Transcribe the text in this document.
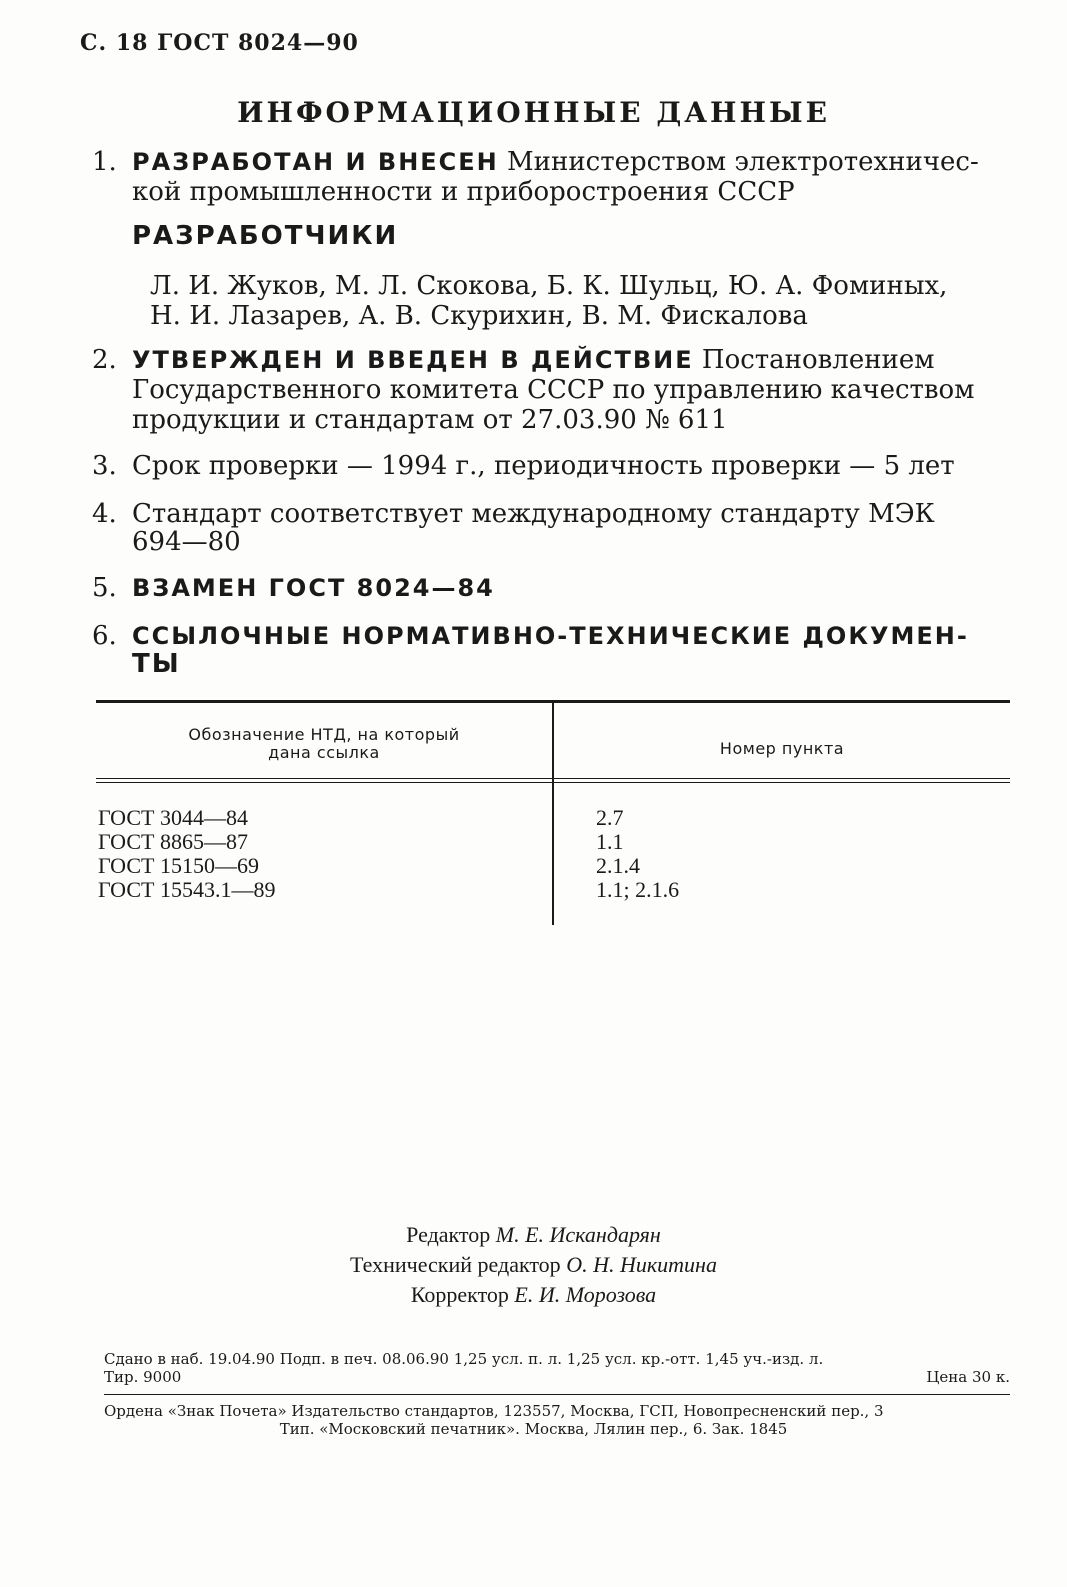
С. 18 ГОСТ 8024—90
ИНФОРМАЦИОННЫЕ ДАННЫЕ
1. РАЗРАБОТАН И ВНЕСЕН Министерством электротехничес-
кой промышленности и приборостроения СССР
РАЗРАБОТЧИКИ
Л. И. Жуков, М. Л. Скокова, Б. К. Шульц, Ю. А. Фоминых,
Н. И. Лазарев, А. В. Скурихин, В. М. Фискалова
2. УТВЕРЖДЕН И ВВЕДЕН В ДЕЙСТВИЕ Постановлением
Государственного комитета СССР по управлению качеством
продукции и стандартам от 27.03.90 № 611
3. Срок проверки — 1994 г., периодичность проверки — 5 лет
4. Стандарт соответствует международному стандарту МЭК
694—80
5. ВЗАМЕН ГОСТ 8024—84
6. ССЫЛОЧНЫЕ НОРМАТИВНО-ТЕХНИЧЕСКИЕ ДОКУМЕН-
ТЫ
Обозначение НТД, на который
дана ссылка	Номер пункта
ГОСТ 3044—84	2.7
ГОСТ 8865—87	1.1
ГОСТ 15150—69	2.1.4
ГОСТ 15543.1—89	1.1; 2.1.6
Редактор М. Е. Искандарян
Технический редактор О. Н. Никитина
Корректор Е. И. Морозова
Сдано в наб. 19.04.90 Подп. в печ. 08.06.90 1,25 усл. п. л. 1,25 усл. кр.-отт. 1,45 уч.-изд. л.
Тир. 9000	Цена 30 к.
Ордена «Знак Почета» Издательство стандартов, 123557, Москва, ГСП, Новопресненский пер., 3
Тип. «Московский печатник». Москва, Лялин пер., 6. Зак. 1845
